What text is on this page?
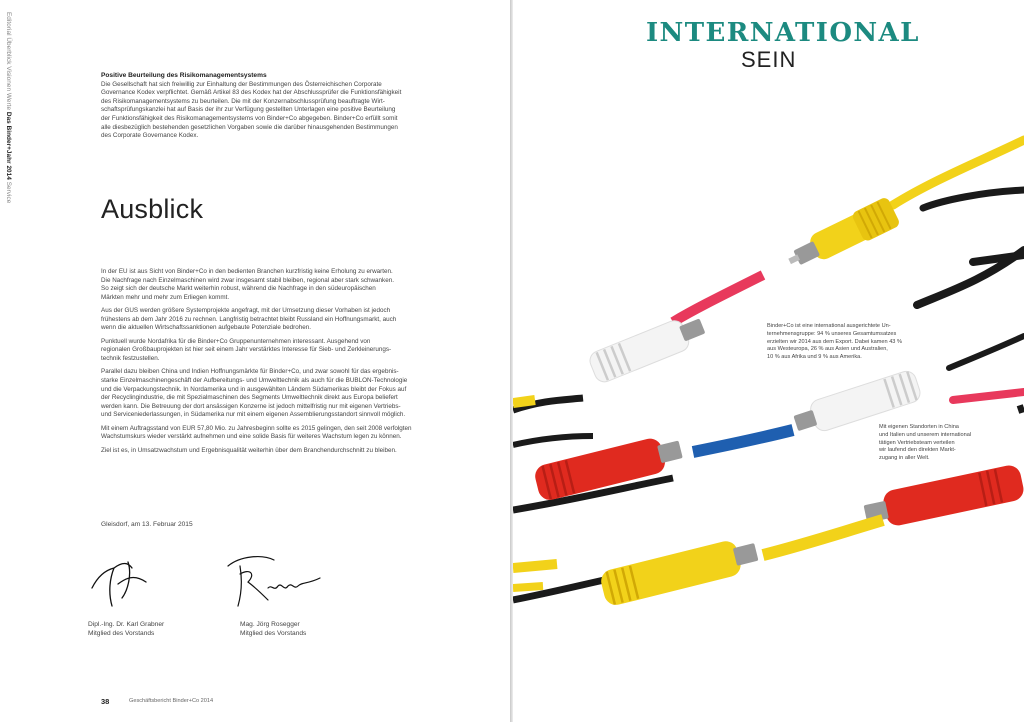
Editorial Überblick Visionen Werte Das Binder+Jahr 2014 Service
Positive Beurteilung des Risikomanagementsystems

Die Gesellschaft hat sich freiwillig zur Einhaltung der Bestimmungen des Österreichischen Corporate
Governance Kodex verpflichtet. Gemäß Artikel 83 des Kodex hat der Abschlussprüfer die Funktionsfähigkeit
des Risikomanagementsystems zu beurteilen. Die mit der Konzernabschlussprüfung beauftragte Wirt-
schaftsprüfungskanzlei hat auf Basis der ihr zur Verfügung gestellten Unterlagen eine positive Beurteilung
der Funktionsfähigkeit des Risikomanagementsystems von Binder+Co abgegeben. Binder+Co erfüllt somit
alle diesbezüglich bestehenden gesetzlichen Vorgaben sowie die darüber hinausgehenden Bestimmungen
des Corporate Governance Kodex.

Ausblick

In der EU ist aus Sicht von Binder+Co in den bedienten Branchen kurzfristig keine Erholung zu erwarten.
Die Nachfrage nach Einzelmaschinen wird zwar insgesamt stabil bleiben, regional aber stark schwanken.
So zeigt sich der deutsche Markt weiterhin robust, während die Nachfrage in den südeuropäischen
Märkten mehr und mehr zum Erliegen kommt.

Aus der GUS werden größere Systemprojekte angefragt, mit der Umsetzung dieser Vorhaben ist jedoch
frühestens ab dem Jahr 2016 zu rechnen. Langfristig betrachtet bleibt Russland ein Hoffnungsmarkt, auch
wenn die aktuellen Wirtschaftssanktionen aufgebaute Potenziale bedrohen.

Punktuell wurde Nordafrika für die Binder+Co Gruppenunternehmen interessant. Ausgehend von
regionalen Großbauprojekten ist hier seit einem Jahr verstärktes Interesse für Sieb- und Zerkleinerungs-
technik festzustellen.

Parallel dazu bleiben China und Indien Hoffnungsmärkte für Binder+Co, und zwar sowohl für das ergebnis-
starke Einzelmaschinengeschäft der Aufbereitungs- und Umwelttechnik als auch für die BUBLON-Technologie
und die Verpackungstechnik. In Nordamerika und in ausgewählten Ländern Südamerikas bleibt der Fokus auf
der Recyclingindustrie, die mit Spezialmaschinen des Segments Umwelttechnik direkt aus Europa beliefert
werden kann. Die Betreuung der dort ansässigen Konzerne ist jedoch mittelfristig nur mit eigenen Vertriebs-
und Serviceniederlassungen, in Südamerika nur mit einem eigenen Assemblierungsstandort sinnvoll möglich.

Mit einem Auftragsstand von EUR 57,80 Mio. zu Jahresbeginn sollte es 2015 gelingen, den seit 2008 verfolgten
Wachstumskurs wieder verstärkt aufnehmen und eine solide Basis für weiteres Wachstum legen zu können.

Ziel ist es, in Umsatzwachstum und Ergebnisqualität weiterhin über dem Branchendurchschnitt zu bleiben.

Gleisdorf, am 13. Februar 2015
Dipl.-Ing. Dr. Karl Grabner
Mitglied des Vorstands
Mag. Jörg Rosegger
Mitglied des Vorstands
38	Geschäftsbericht Binder+Co 2014
INTERNATIONAL
SEIN
Binder+Co ist eine international ausgerichtete Un-
ternehmensgruppe: 94 % unseres Gesamtumsatzes
erzielten wir 2014 aus dem Export. Dabei kamen 43 %
aus Westeuropa, 26 % aus Asien und Australien,
10 % aus Afrika und 9 % aus Amerika.
Mit eigenen Standorten in China
und Italien und unserem international
tätigen Vertriebsteam verteilen
wir laufend den direkten Markt-
zugang in aller Welt.
